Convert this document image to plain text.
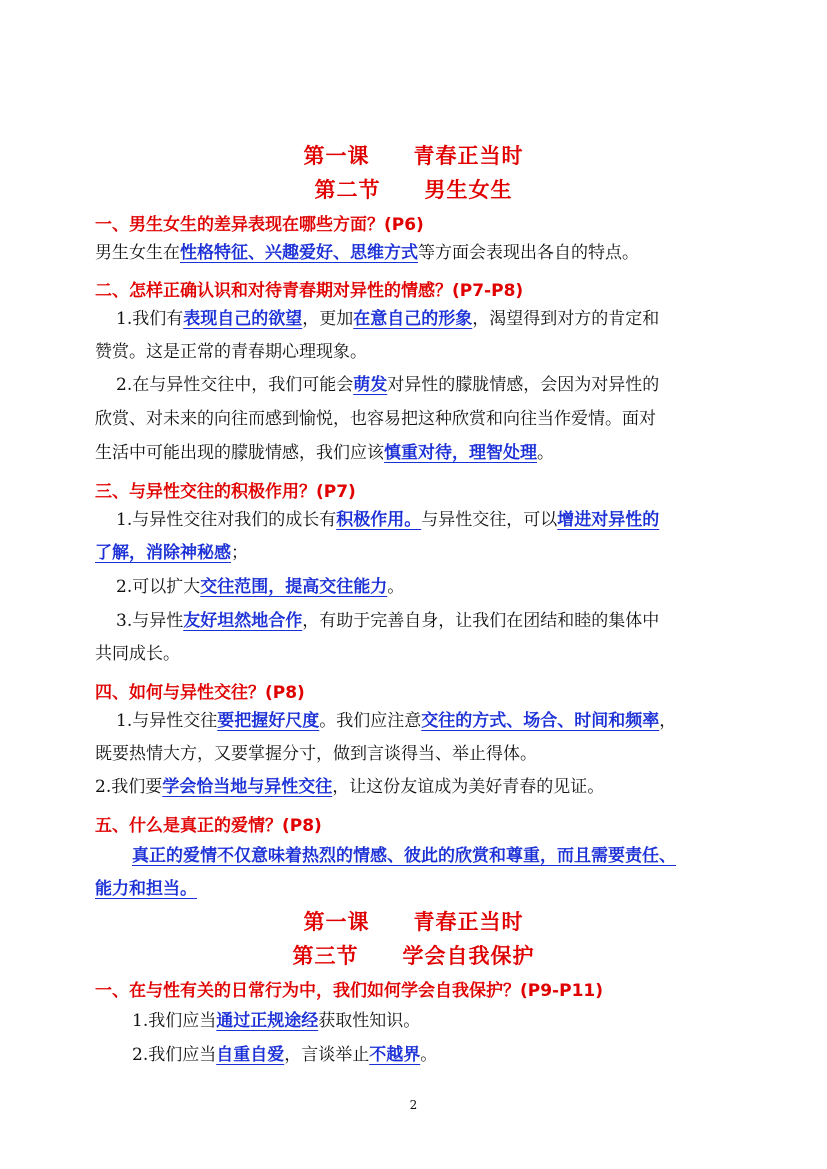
第一课　　青春正当时
第二节　　男生女生
一、男生女生的差异表现在哪些方面？(P6)
男生女生在性格特征、兴趣爱好、思维方式等方面会表现出各自的特点。
二、怎样正确认识和对待青春期对异性的情感？(P7-P8)
1.我们有表现自己的欲望，更加在意自己的形象，渴望得到对方的肯定和
赞赏。这是正常的青春期心理现象。
2.在与异性交往中，我们可能会萌发对异性的朦胧情感，会因为对异性的
欣赏、对未来的向往而感到愉悦，也容易把这种欣赏和向往当作爱情。面对
生活中可能出现的朦胧情感，我们应该慎重对待，理智处理。
三、与异性交往的积极作用？(P7)
1.与异性交往对我们的成长有积极作用。与异性交往，可以增进对异性的
了解，消除神秘感；
2.可以扩大交往范围，提高交往能力。
3.与异性友好坦然地合作，有助于完善自身，让我们在团结和睦的集体中
共同成长。
四、如何与异性交往？(P8)
1.与异性交往要把握好尺度。我们应注意交往的方式、场合、时间和频率，
既要热情大方，又要掌握分寸，做到言谈得当、举止得体。
2.我们要学会恰当地与异性交往，让这份友谊成为美好青春的见证。
五、什么是真正的爱情？(P8)
真正的爱情不仅意味着热烈的情感、彼此的欣赏和尊重，而且需要责任、
能力和担当。
第一课　　青春正当时
第三节　　学会自我保护
一、在与性有关的日常行为中，我们如何学会自我保护？(P9-P11)
1.我们应当通过正规途经获取性知识。
2.我们应当自重自爱，言谈举止不越界。
2
